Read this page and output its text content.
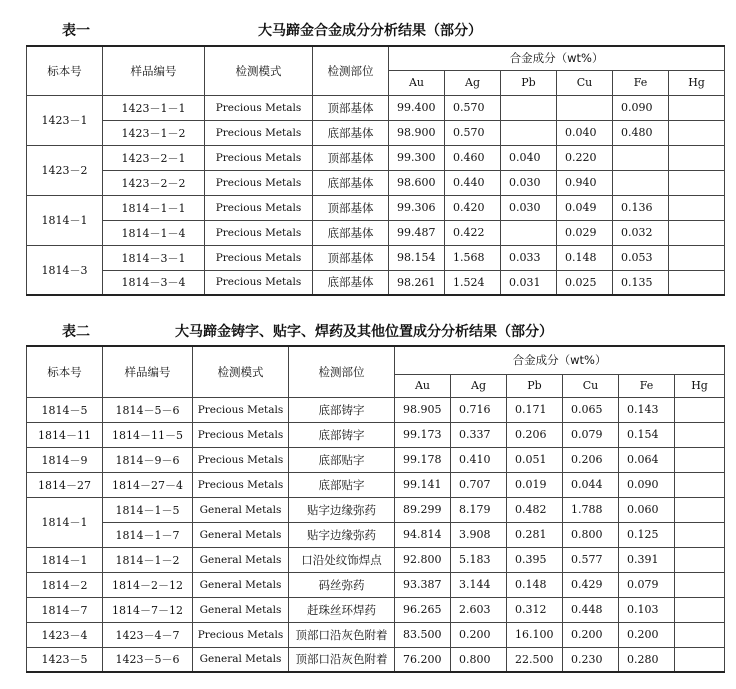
表一	大马蹄金合金成分分析结果（部分）
标本号	样品编号	检测模式	检测部位	合金成分（wt%）					
				Au	Ag	Pb	Cu	Fe	Hg
1423－1	1423－1－1	Precious Metals	顶部基体	99.400	0.570			0.090	
	1423－1－2	Precious Metals	底部基体	98.900	0.570		0.040	0.480	
1423－2	1423－2－1	Precious Metals	顶部基体	99.300	0.460	0.040	0.220		
	1423－2－2	Precious Metals	底部基体	98.600	0.440	0.030	0.940		
1814－1	1814－1－1	Precious Metals	顶部基体	99.306	0.420	0.030	0.049	0.136	
	1814－1－4	Precious Metals	底部基体	99.487	0.422		0.029	0.032	
1814－3	1814－3－1	Precious Metals	顶部基体	98.154	1.568	0.033	0.148	0.053	
	1814－3－4	Precious Metals	底部基体	98.261	1.524	0.031	0.025	0.135	
表二	大马蹄金铸字、贴字、焊药及其他位置成分分析结果（部分）
标本号	样品编号	检测模式	检测部位	合金成分（wt%）					
				Au	Ag	Pb	Cu	Fe	Hg
1814－5	1814－5－6	Precious Metals	底部铸字	98.905	0.716	0.171	0.065	0.143	
1814－11	1814－11－5	Precious Metals	底部铸字	99.173	0.337	0.206	0.079	0.154	
1814－9	1814－9－6	Precious Metals	底部贴字	99.178	0.410	0.051	0.206	0.064	
1814－27	1814－27－4	Precious Metals	底部贴字	99.141	0.707	0.019	0.044	0.090	
1814－1	1814－1－5	General Metals	贴字边缘弥药	89.299	8.179	0.482	1.788	0.060	
	1814－1－7	General Metals	贴字边缘弥药	94.814	3.908	0.281	0.800	0.125	
1814－1	1814－1－2	General Metals	口沿处纹饰焊点	92.800	5.183	0.395	0.577	0.391	
1814－2	1814－2－12	General Metals	码丝弥药	93.387	3.144	0.148	0.429	0.079	
1814－7	1814－7－12	General Metals	赶珠丝环焊药	96.265	2.603	0.312	0.448	0.103	
1423－4	1423－4－7	Precious Metals	顶部口沿灰色附着	83.500	0.200	16.100	0.200	0.200	
1423－5	1423－5－6	General Metals	顶部口沿灰色附着	76.200	0.800	22.500	0.230	0.280	
